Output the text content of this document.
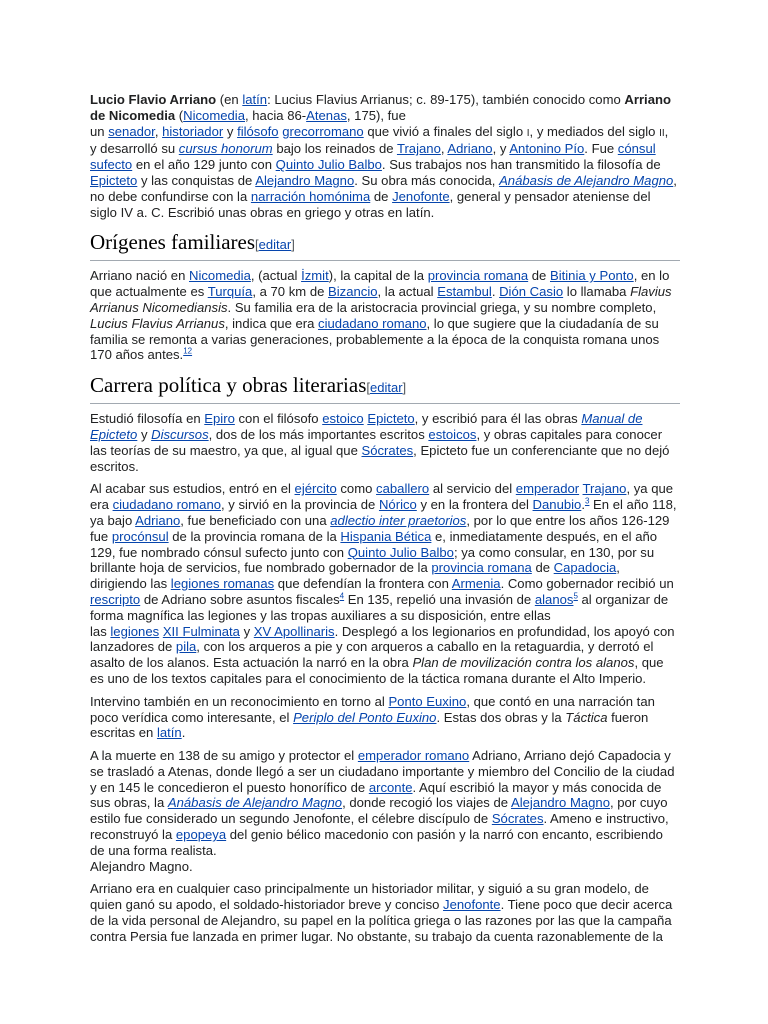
Lucio Flavio Arriano (en latín: Lucius Flavius Arrianus; c. 89-175), también conocido como Arriano de Nicomedia (Nicomedia, hacia 86-Atenas, 175), fue
un senador, historiador y filósofo grecorromano que vivió a finales del siglo I, y mediados del siglo II,
y desarrolló su cursus honorum bajo los reinados de Trajano, Adriano, y Antonino Pío. Fue cónsul sufecto en el año 129 junto con Quinto Julio Balbo. Sus trabajos nos han transmitido la filosofía de Epicteto y las conquistas de Alejandro Magno. Su obra más conocida, Anábasis de Alejandro Magno, no debe confundirse con la narración homónima de Jenofonte, general y pensador ateniense del siglo IV a. C. Escribió unas obras en griego y otras en latín.

Orígenes familiares[editar]

Arriano nació en Nicomedia, (actual İzmit), la capital de la provincia romana de Bitinia y Ponto, en lo que actualmente es Turquía, a 70 km de Bizancio, la actual Estambul. Dión Casio lo llamaba Flavius Arrianus Nicomediansis. Su familia era de la aristocracia provincial griega, y su nombre completo, Lucius Flavius Arrianus, indica que era ciudadano romano, lo que sugiere que la ciudadanía de su familia se remonta a varias generaciones, probablemente a la época de la conquista romana unos 170 años antes.$^{12}$

Carrera política y obras literarias[editar]

Estudió filosofía en Epiro con el filósofo estoico Epicteto, y escribió para él las obras Manual de Epicteto y Discursos, dos de los más importantes escritos estoicos, y obras capitales para conocer las teorías de su maestro, ya que, al igual que Sócrates, Epicteto fue un conferenciante que no dejó escritos.

Al acabar sus estudios, entró en el ejército como caballero al servicio del emperador Trajano, ya que era ciudadano romano, y sirvió en la provincia de Nórico y en la frontera del Danubio.$^3$ En el año 118, ya bajo Adriano, fue beneficiado con una adlectio inter praetorios, por lo que entre los años 126-129 fue procónsul de la provincia romana de la Hispania Bética e, inmediatamente después, en el año 129, fue nombrado cónsul sufecto junto con Quinto Julio Balbo; ya como consular, en 130, por su brillante hoja de servicios, fue nombrado gobernador de la provincia romana de Capadocia, dirigiendo las legiones romanas que defendían la frontera con Armenia. Como gobernador recibió un rescripto de Adriano sobre asuntos fiscales$^4$ En 135, repelió una invasión de alanos$^5$ al organizar de forma magnífica las legiones y las tropas auxiliares a su disposición, entre ellas
las legiones XII Fulminata y XV Apollinaris. Desplegó a los legionarios en profundidad, los apoyó con lanzadores de pila, con los arqueros a pie y con arqueros a caballo en la retaguardia, y derrotó el asalto de los alanos. Esta actuación la narró en la obra Plan de movilización contra los alanos, que es uno de los textos capitales para el conocimiento de la táctica romana durante el Alto Imperio.

Intervino también en un reconocimiento en torno al Ponto Euxino, que contó en una narración tan poco verídica como interesante, el Periplo del Ponto Euxino. Estas dos obras y la Táctica fueron escritas en latín.

A la muerte en 138 de su amigo y protector el emperador romano Adriano, Arriano dejó Capadocia y se trasladó a Atenas, donde llegó a ser un ciudadano importante y miembro del Concilio de la ciudad y en 145 le concedieron el puesto honorífico de arconte. Aquí escribió la mayor y más conocida de sus obras, la Anábasis de Alejandro Magno, donde recogió los viajes de Alejandro Magno, por cuyo estilo fue considerado un segundo Jenofonte, el célebre discípulo de Sócrates. Ameno e instructivo, reconstruyó la epopeya del genio bélico macedonio con pasión y la narró con encanto, escribiendo de una forma realista.
Alejandro Magno.

Arriano era en cualquier caso principalmente un historiador militar, y siguió a su gran modelo, de quien ganó su apodo, el soldado-historiador breve y conciso Jenofonte. Tiene poco que decir acerca de la vida personal de Alejandro, su papel en la política griega o las razones por las que la campaña contra Persia fue lanzada en primer lugar. No obstante, su trabajo da cuenta razonablemente de la
